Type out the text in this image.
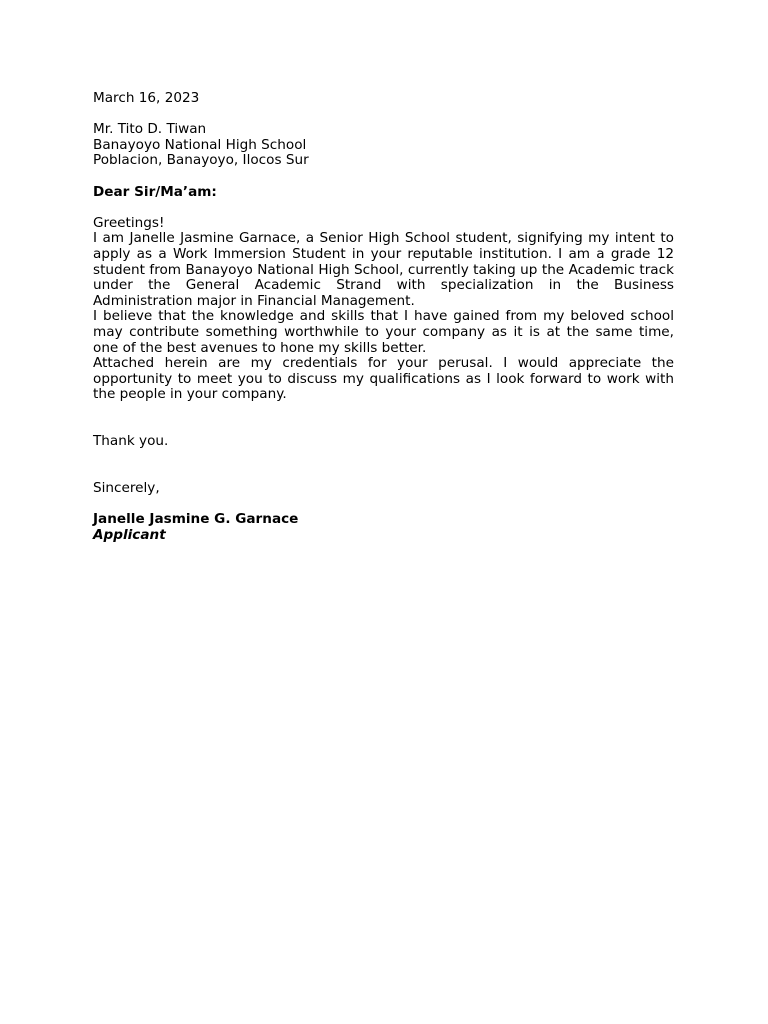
March 16, 2023
Mr. Tito D. Tiwan
Banayoyo National High School
Poblacion, Banayoyo, Ilocos Sur
Dear Sir/Ma’am:
Greetings!

I am Janelle Jasmine Garnace, a Senior High School student, signifying my intent to apply as a Work Immersion Student in your reputable institution. I am a grade 12 student from Banayoyo National High School, currently taking up the Academic track under the General Academic Strand with specialization in the Business Administration major in Financial Management.

I believe that the knowledge and skills that I have gained from my beloved school may contribute something worthwhile to your company as it is at the same time, one of the best avenues to hone my skills better.

Attached herein are my credentials for your perusal. I would appreciate the opportunity to meet you to discuss my qualifications as I look forward to work with the people in your company.

Thank you.
Sincerely,
Janelle Jasmine G. Garnace
Applicant
